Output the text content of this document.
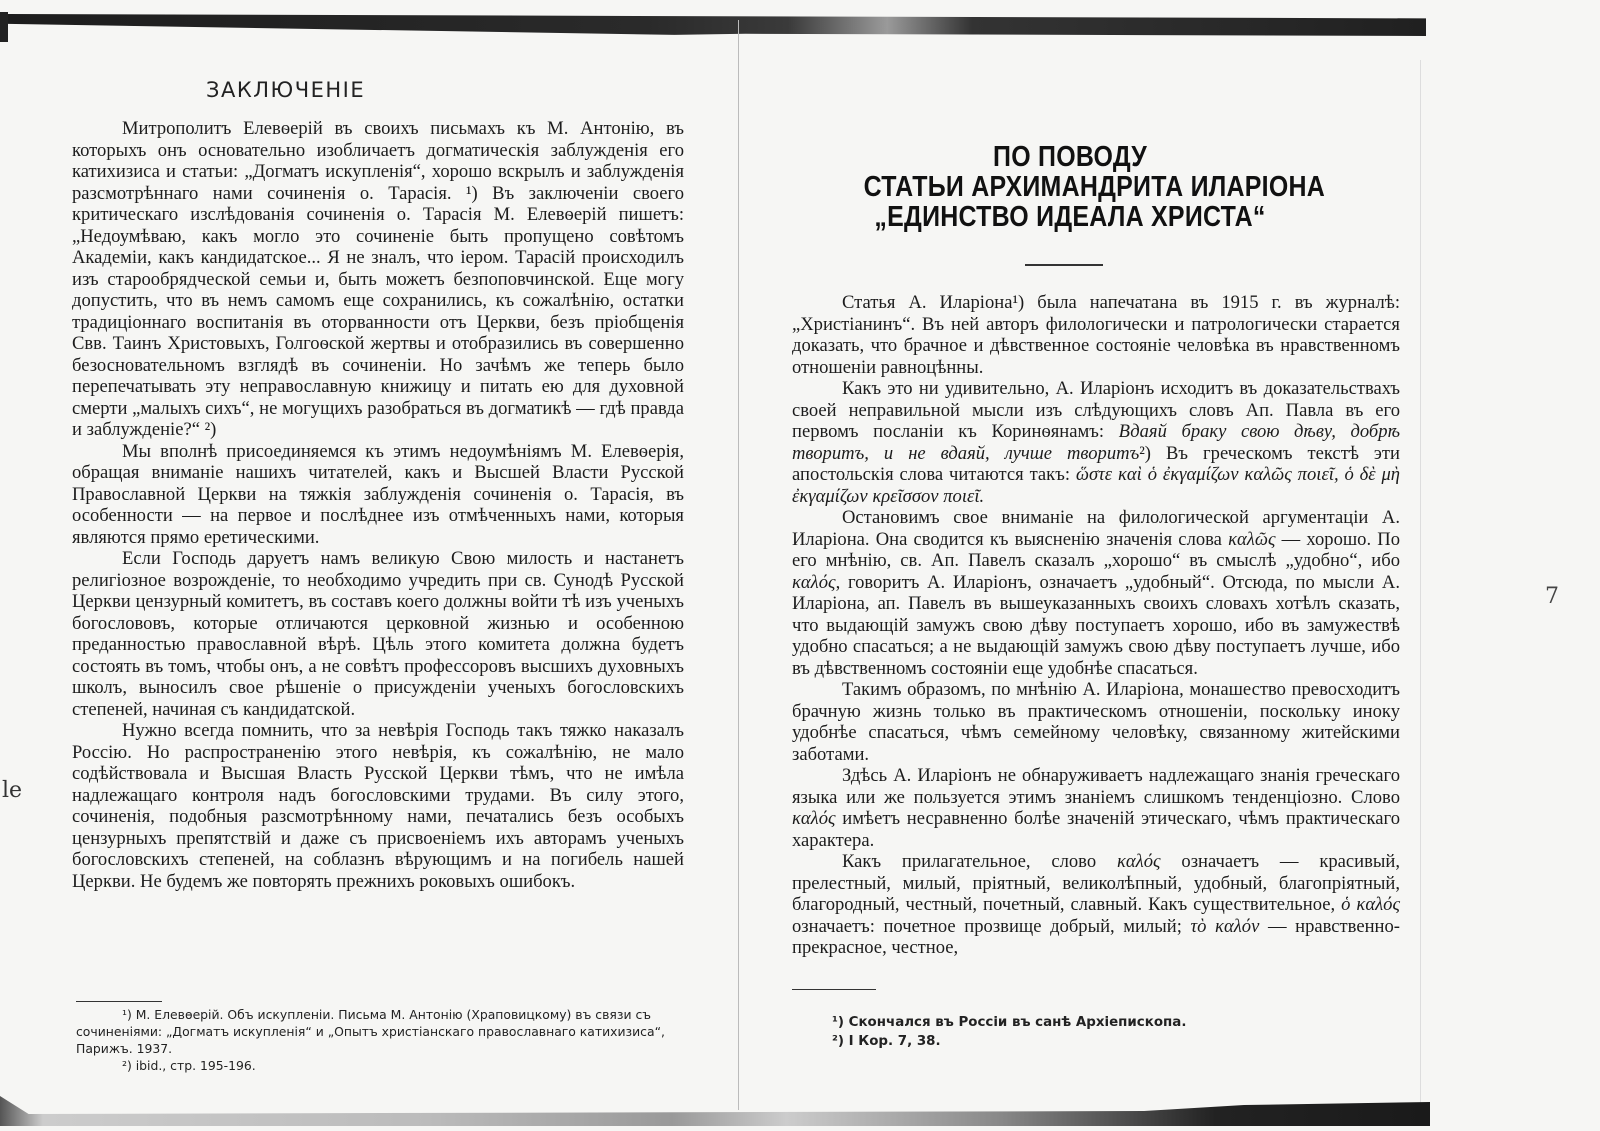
ЗАКЛЮЧЕНІЕ

Митрополитъ Елевѳерій въ своихъ письмахъ къ М. Антонію, въ которыхъ онъ основательно изобличаетъ догматическія заблужденія его катихизиса и статьи: „Догматъ искупленія“, хорошо вскрылъ и заблужденія разсмотрѣннаго нами сочиненія о. Тарасія. ¹) Въ заключеніи своего критическаго изслѣдованія сочиненія о. Тарасія М. Елевѳерій пишетъ: „Недоумѣваю, какъ могло это сочиненіе быть пропущено совѣтомъ Академіи, какъ кандидатское... Я не зналъ, что іером. Тарасій происходилъ изъ старообрядческой семьи и, быть можетъ безпоповчинской. Еще могу допустить, что въ немъ самомъ еще сохранились, къ сожалѣнію, остатки традиціоннаго воспитанія въ оторванности отъ Церкви, безъ пріобщенія Свв. Таинъ Христовыхъ, Голгоѳской жертвы и отобразились въ совершенно безосновательномъ взглядѣ въ сочиненіи. Но зачѣмъ же теперь было перепечатывать эту неправославную книжицу и питать ею для духовной смерти „малыхъ сихъ“, не могущихъ разобраться въ догматикѣ — гдѣ правда и заблужденіе?“ ²)

Мы вполнѣ присоединяемся къ этимъ недоумѣніямъ М. Елевѳерія, обращая вниманіе нашихъ читателей, какъ и Высшей Власти Русской Православной Церкви на тяжкія заблужденія сочиненія о. Тарасія, въ особенности — на первое и послѣднее изъ отмѣченныхъ нами, которыя являются прямо еретическими.

Если Господь даруетъ намъ великую Свою милость и настанетъ религіозное возрожденіе, то необходимо учредить при св. Сунодѣ Русской Церкви цензурный комитетъ, въ составъ коего должны войти тѣ изъ ученыхъ богослововъ, которые отличаются церковной жизнью и особенною преданностью православной вѣрѣ. Цѣль этого комитета должна будетъ состоять въ томъ, чтобы онъ, а не совѣтъ профессоровъ высшихъ духовныхъ школъ, выносилъ свое рѣшеніе о присужденіи ученыхъ богословскихъ степеней, начиная съ кандидатской.

Нужно всегда помнить, что за невѣрія Господь такъ тяжко наказалъ Россію. Но распространенію этого невѣрія, къ сожалѣнію, не мало содѣйствовала и Высшая Власть Русской Церкви тѣмъ, что не имѣла надлежащаго контроля надъ богословскими трудами. Въ силу этого, сочиненія, подобныя разсмотрѣнному нами, печатались безъ особыхъ цензурныхъ препятствій и даже съ присвоеніемъ ихъ авторамъ ученыхъ богословскихъ степеней, на соблазнъ вѣрующимъ и на погибель нашей Церкви. Не будемъ же повторять прежнихъ роковыхъ ошибокъ.

¹) М. Елевѳерій. Объ искупленіи. Письма М. Антонію (Храповицкому) въ связи съ сочиненіями: „Догматъ искупленія“ и „Опытъ христіанскаго православнаго катихизиса“, Парижъ. 1937.

²) ibid., стр. 195-196.

le
ПО ПОВОДУ
СТАТЬИ АРХИМАНДРИТА ИЛАРІОНА
„ЕДИНСТВО ИДЕАЛА ХРИСТА“

Статья А. Иларіона¹) была напечатана въ 1915 г. въ журналѣ: „Христіанинъ“. Въ ней авторъ филологически и патрологически старается доказать, что брачное и дѣвственное состояніе человѣка въ нравственномъ отношеніи равноцѣнны.

Какъ это ни удивительно, А. Иларіонъ исходитъ въ доказательствахъ своей неправильной мысли изъ слѣдующихъ словъ Ап. Павла въ его первомъ посланіи къ Коринѳянамъ: Вдаяй браку свою дѣву, добрѣ творитъ, и не вдаяй, лучше творитъ²) Въ греческомъ текстѣ эти апостольскія слова читаются такъ: ὥστε καὶ ὁ ἐκγαμίζων καλῶς ποιεῖ, ὁ δὲ μὴ ἐκγαμίζων κρεῖσσον ποιεῖ.

Остановимъ свое вниманіе на филологической аргументаціи А. Иларіона. Она сводится къ выясненію значенія слова καλῶς — хорошо. По его мнѣнію, св. Ап. Павелъ сказалъ „хорошо“ въ смыслѣ „удобно“, ибо καλός, говоритъ А. Иларіонъ, означаетъ „удобный“. Отсюда, по мысли А. Иларіона, ап. Павелъ въ вышеуказанныхъ своихъ словахъ хотѣлъ сказать, что выдающій замужъ свою дѣву поступаетъ хорошо, ибо въ замужествѣ удобно спасаться; а не выдающій замужъ свою дѣву поступаетъ лучше, ибо въ дѣвственномъ состояніи еще удобнѣе спасаться.

Такимъ образомъ, по мнѣнію А. Иларіона, монашество превосходитъ брачную жизнь только въ практическомъ отношеніи, поскольку иноку удобнѣе спасаться, чѣмъ семейному человѣку, связанному житейскими заботами.

Здѣсь А. Иларіонъ не обнаруживаетъ надлежащаго знанія греческаго языка или же пользуется этимъ знаніемъ слишкомъ тенденціозно. Слово καλός имѣетъ несравненно болѣе значеній этическаго, чѣмъ практическаго характера.

Какъ прилагательное, слово καλός означаетъ — красивый, прелестный, милый, пріятный, великолѣпный, удобный, благопріятный, благородный, честный, почетный, славный. Какъ существительное, ὁ καλός означаетъ: почетное прозвище добрый, милый; τὸ καλόν — нравственно-прекрасное, честное,

¹) Скончался въ Россіи въ санѣ Архіепископа.

²) I Кор. 7, 38.

7
